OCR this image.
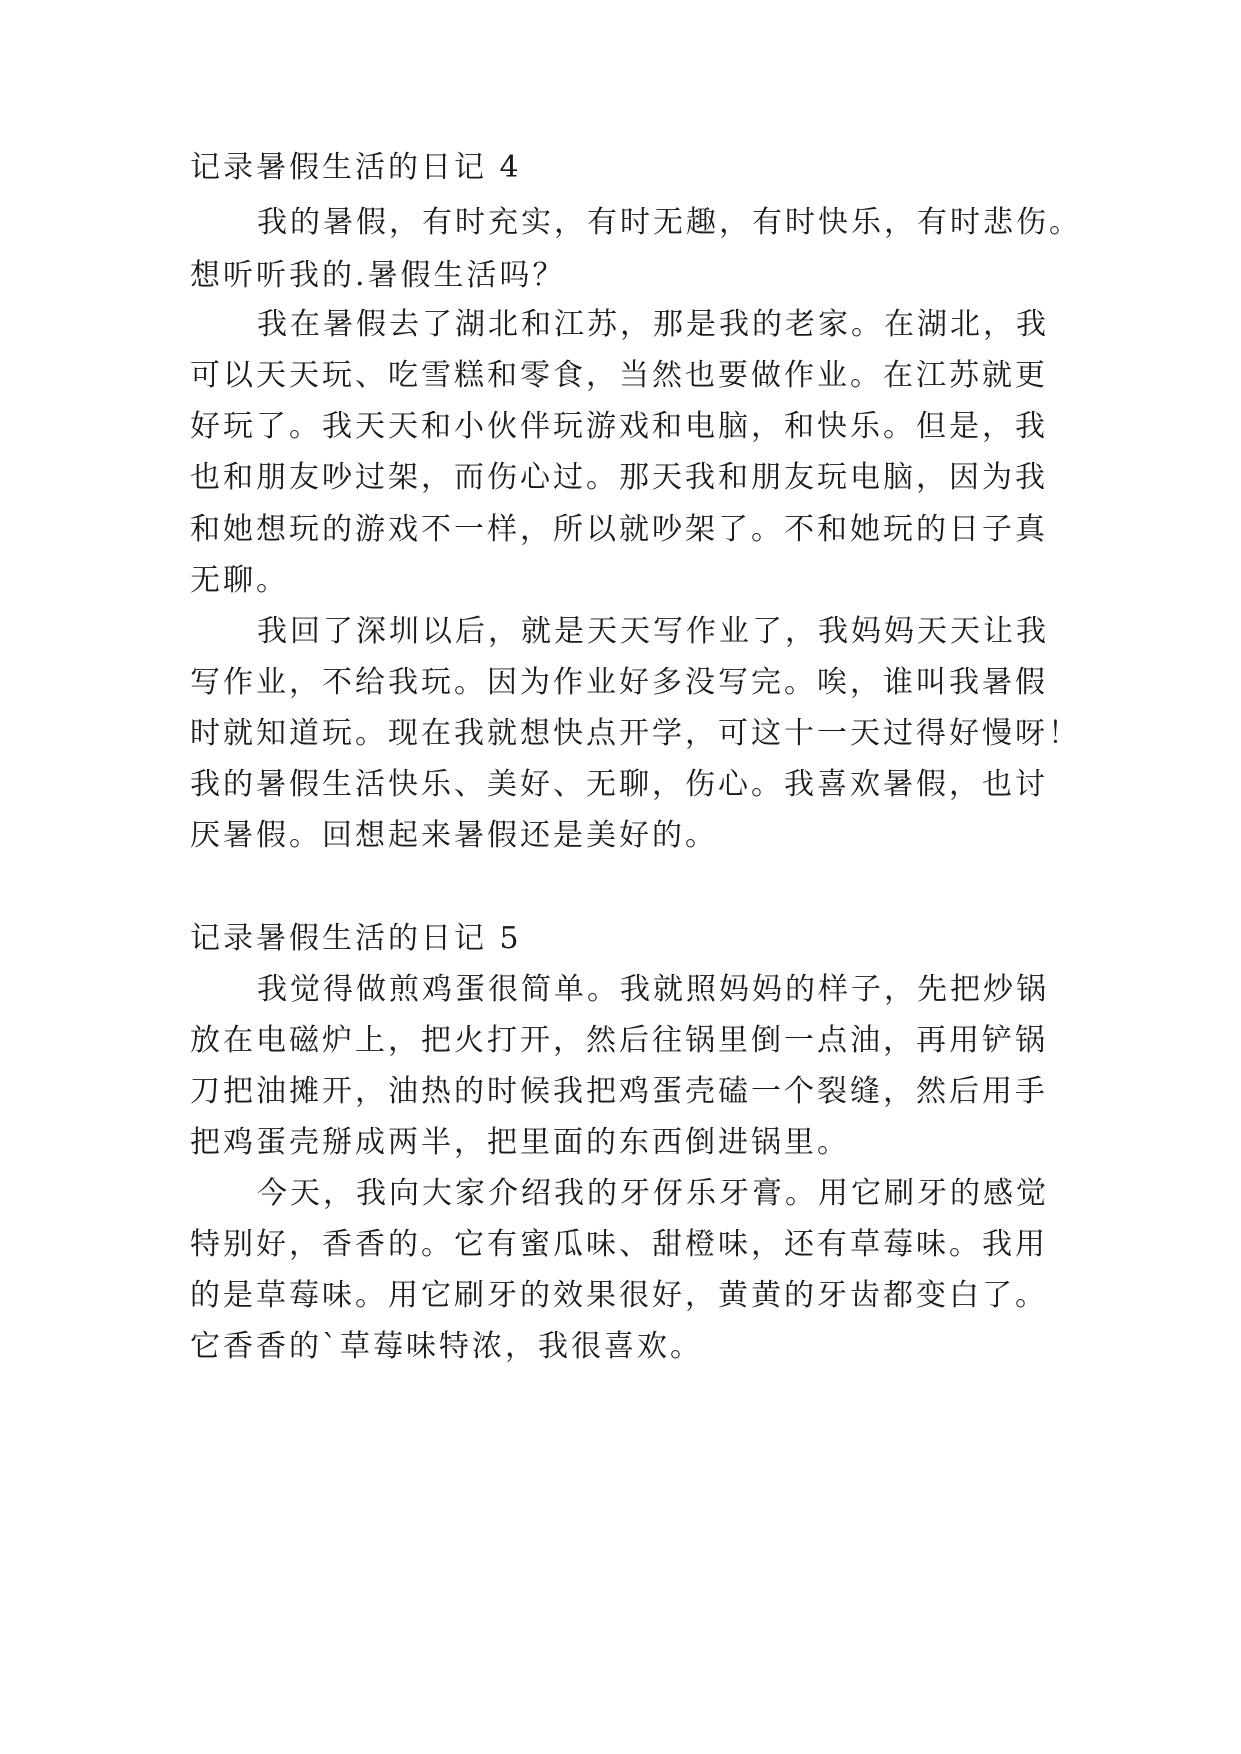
记录暑假生活的日记 4

我的暑假，有时充实，有时无趣，有时快乐，有时悲伤。

想听听我的.暑假生活吗？

我在暑假去了湖北和江苏，那是我的老家。在湖北，我

可以天天玩、吃雪糕和零食，当然也要做作业。在江苏就更

好玩了。我天天和小伙伴玩游戏和电脑，和快乐。但是，我

也和朋友吵过架，而伤心过。那天我和朋友玩电脑，因为我

和她想玩的游戏不一样，所以就吵架了。不和她玩的日子真

无聊。

我回了深圳以后，就是天天写作业了，我妈妈天天让我

写作业，不给我玩。因为作业好多没写完。唉，谁叫我暑假

时就知道玩。现在我就想快点开学，可这十一天过得好慢呀！

我的暑假生活快乐、美好、无聊，伤心。我喜欢暑假，也讨

厌暑假。回想起来暑假还是美好的。

记录暑假生活的日记 5

我觉得做煎鸡蛋很简单。我就照妈妈的样子，先把炒锅

放在电磁炉上，把火打开，然后往锅里倒一点油，再用铲锅

刀把油摊开，油热的时候我把鸡蛋壳磕一个裂缝，然后用手

把鸡蛋壳掰成两半，把里面的东西倒进锅里。

今天，我向大家介绍我的牙伢乐牙膏。用它刷牙的感觉

特别好，香香的。它有蜜瓜味、甜橙味，还有草莓味。我用

的是草莓味。用它刷牙的效果很好，黄黄的牙齿都变白了。

它香香的`草莓味特浓，我很喜欢。
